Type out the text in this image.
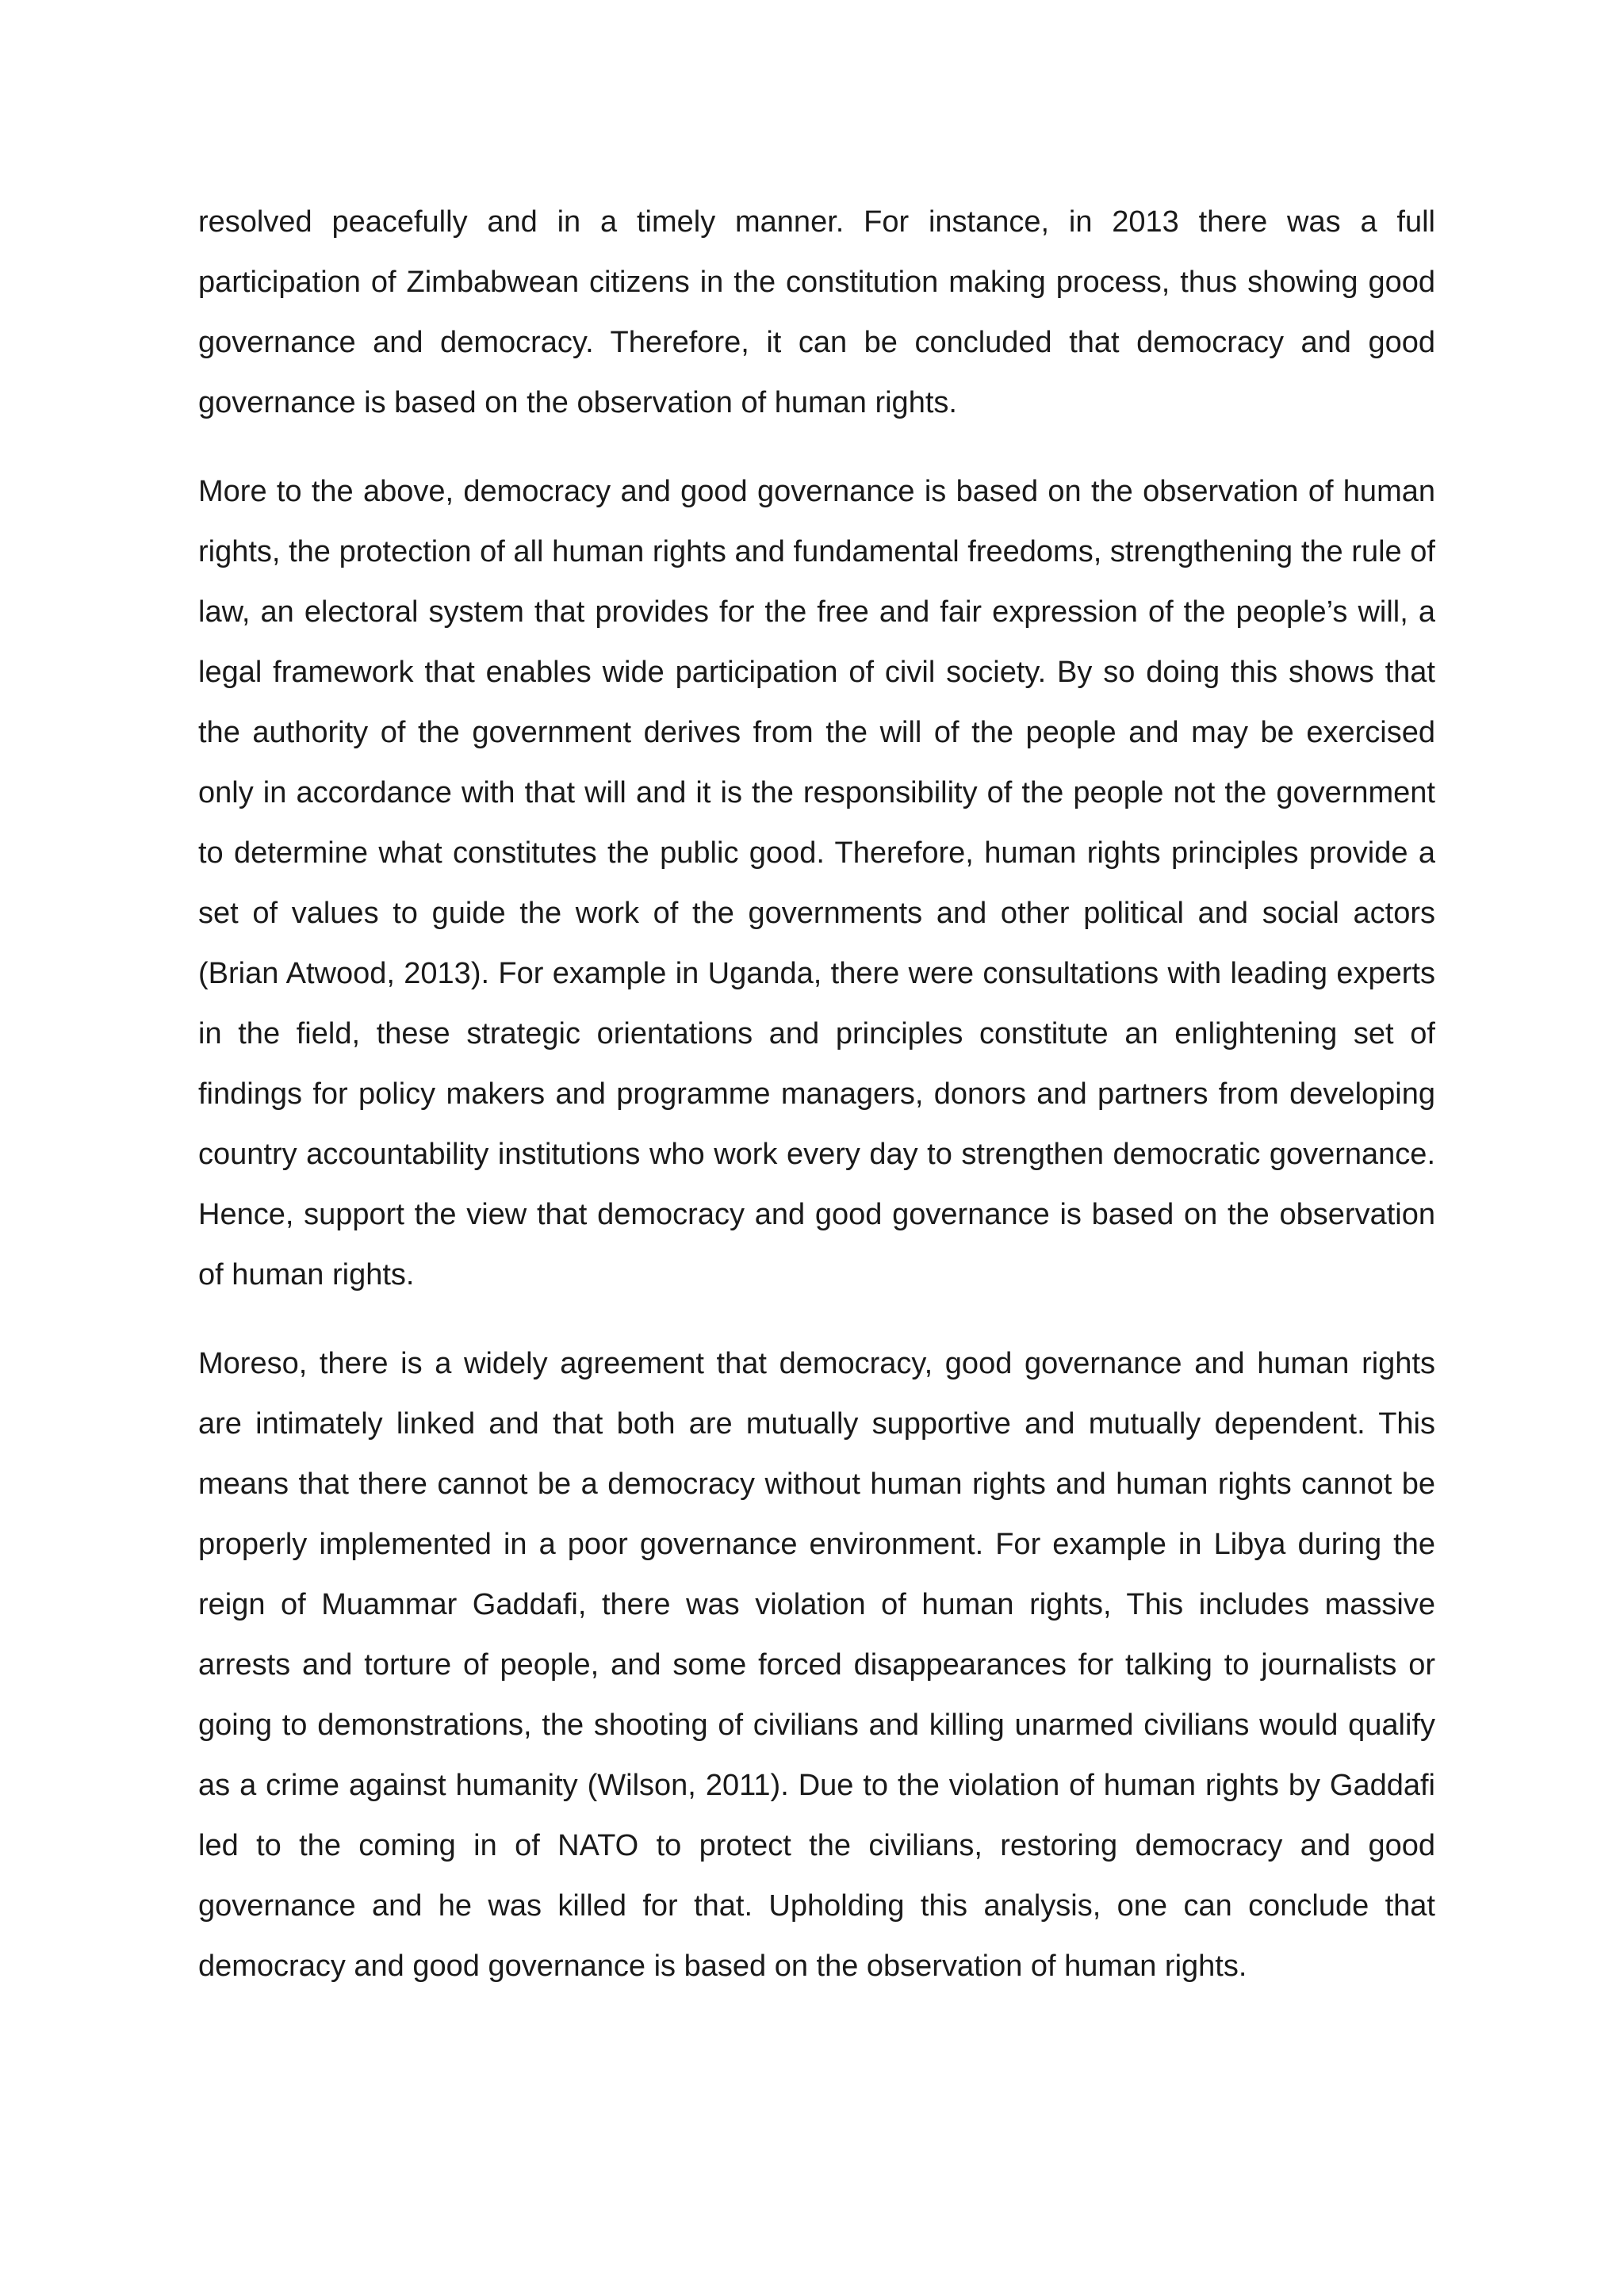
resolved peacefully and in a timely manner. For instance, in 2013 there was a full participation of Zimbabwean citizens in the constitution making process, thus showing good governance and democracy. Therefore, it can be concluded that democracy and good governance is based on the observation of human rights.

More to the above, democracy and good governance is based on the observation of human rights, the protection of all human rights and fundamental freedoms, strengthening the rule of law, an electoral system that provides for the free and fair expression of the people’s will, a legal framework that enables wide participation of civil society. By so doing this shows that the authority of the government derives from the will of the people and may be exercised only in accordance with that will and it is the responsibility of the people not the government to determine what constitutes the public good. Therefore, human rights principles provide a set of values to guide the work of the governments and other political and social actors (Brian Atwood, 2013). For example in Uganda, there were consultations with leading experts in the field, these strategic orientations and principles constitute an enlightening set of findings for policy makers and programme managers, donors and partners from developing country accountability institutions who work every day to strengthen democratic governance. Hence, support the view that democracy and good governance is based on the observation of human rights.

Moreso, there is a widely agreement that democracy, good governance and human rights are intimately linked and that both are mutually supportive and mutually dependent. This means that there cannot be a democracy without human rights and human rights cannot be properly implemented in a poor governance environment. For example in Libya during the reign of Muammar Gaddafi, there was violation of human rights, This includes massive arrests and torture of people, and some forced disappearances for talking to journalists or going to demonstrations, the shooting of civilians and killing unarmed civilians would qualify as a crime against humanity (Wilson, 2011). Due to the violation of human rights by Gaddafi led to the coming in of NATO to protect the civilians, restoring democracy and good governance and he was killed for that. Upholding this analysis, one can conclude that democracy and good governance is based on the observation of human rights.
